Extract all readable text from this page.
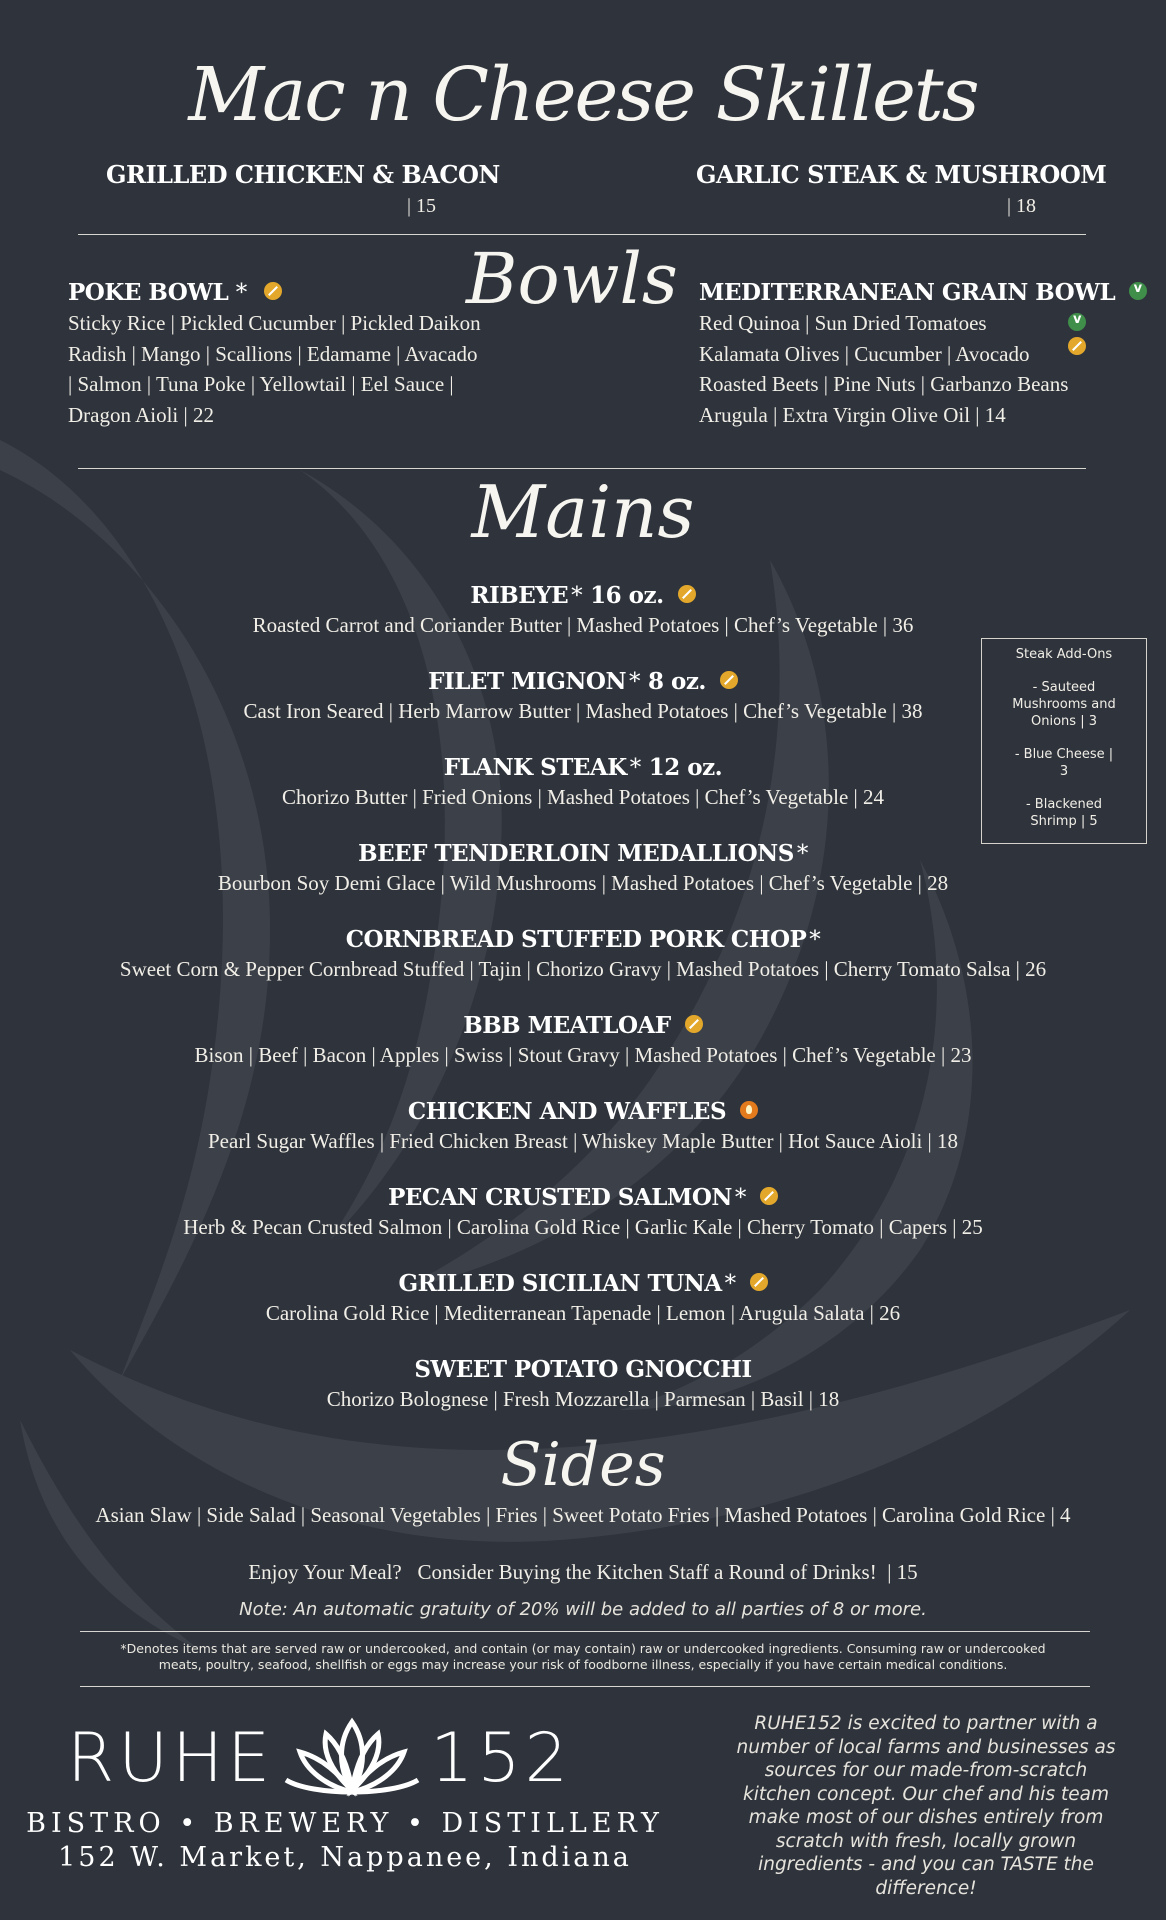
Mac n Cheese Skillets
GRILLED CHICKEN & BACON
| 15
GARLIC STEAK & MUSHROOM
| 18
Bowls
POKE BOWL *
Sticky Rice | Pickled Cucumber | Pickled Daikon
Radish | Mango | Scallions | Edamame | Avacado
| Salmon | Tuna Poke | Yellowtail | Eel Sauce |
Dragon Aioli | 22
MEDITERRANEAN GRAIN BOWL v
Red Quinoa | Sun Dried Tomatoes
Kalamata Olives | Cucumber | Avocado
Roasted Beets | Pine Nuts | Garbanzo Beans
Arugula | Extra Virgin Olive Oil | 14
v
Mains
RIBEYE * 16 oz.
Roasted Carrot and Coriander Butter | Mashed Potatoes | Chef’s Vegetable | 36
FILET MIGNON * 8 oz.
Cast Iron Seared | Herb Marrow Butter | Mashed Potatoes | Chef’s Vegetable | 38
FLANK STEAK * 12 oz.
Chorizo Butter | Fried Onions | Mashed Potatoes | Chef’s Vegetable | 24
BEEF TENDERLOIN MEDALLIONS *
Bourbon Soy Demi Glace | Wild Mushrooms | Mashed Potatoes | Chef’s Vegetable | 28
CORNBREAD STUFFED PORK CHOP *
Sweet Corn & Pepper Cornbread Stuffed | Tajin | Chorizo Gravy | Mashed Potatoes | Cherry Tomato Salsa | 26
BBB MEATLOAF
Bison | Beef | Bacon | Apples | Swiss | Stout Gravy | Mashed Potatoes | Chef’s Vegetable | 23
CHICKEN AND WAFFLES
Pearl Sugar Waffles | Fried Chicken Breast | Whiskey Maple Butter | Hot Sauce Aioli | 18
PECAN CRUSTED SALMON *
Herb & Pecan Crusted Salmon | Carolina Gold Rice | Garlic Kale | Cherry Tomato | Capers | 25
GRILLED SICILIAN TUNA *
Carolina Gold Rice | Mediterranean Tapenade | Lemon | Arugula Salata | 26
SWEET POTATO GNOCCHI
Chorizo Bolognese | Fresh Mozzarella | Parmesan | Basil | 18
Steak Add-Ons
- Sauteed Mushrooms and Onions | 3
- Blue Cheese | 3
- Blackened Shrimp | 5
Sides
Asian Slaw | Side Salad | Seasonal Vegetables | Fries | Sweet Potato Fries | Mashed Potatoes | Carolina Gold Rice | 4
Enjoy Your Meal?   Consider Buying the Kitchen Staff a Round of Drinks!  | 15
Note: An automatic gratuity of 20% will be added to all parties of 8 or more.
*Denotes items that are served raw or undercooked, and contain (or may contain) raw or undercooked ingredients. Consuming raw or undercooked
meats, poultry, seafood, shellfish or eggs may increase your risk of foodborne illness, especially if you have certain medical conditions.
RUHE 152
BISTRO • BREWERY • DISTILLERY
152 W. Market, Nappanee, Indiana
RUHE152 is excited to partner with a number of local farms and businesses as sources for our made-from-scratch kitchen concept. Our chef and his team make most of our dishes entirely from scratch with fresh, locally grown ingredients - and you can TASTE the difference!
